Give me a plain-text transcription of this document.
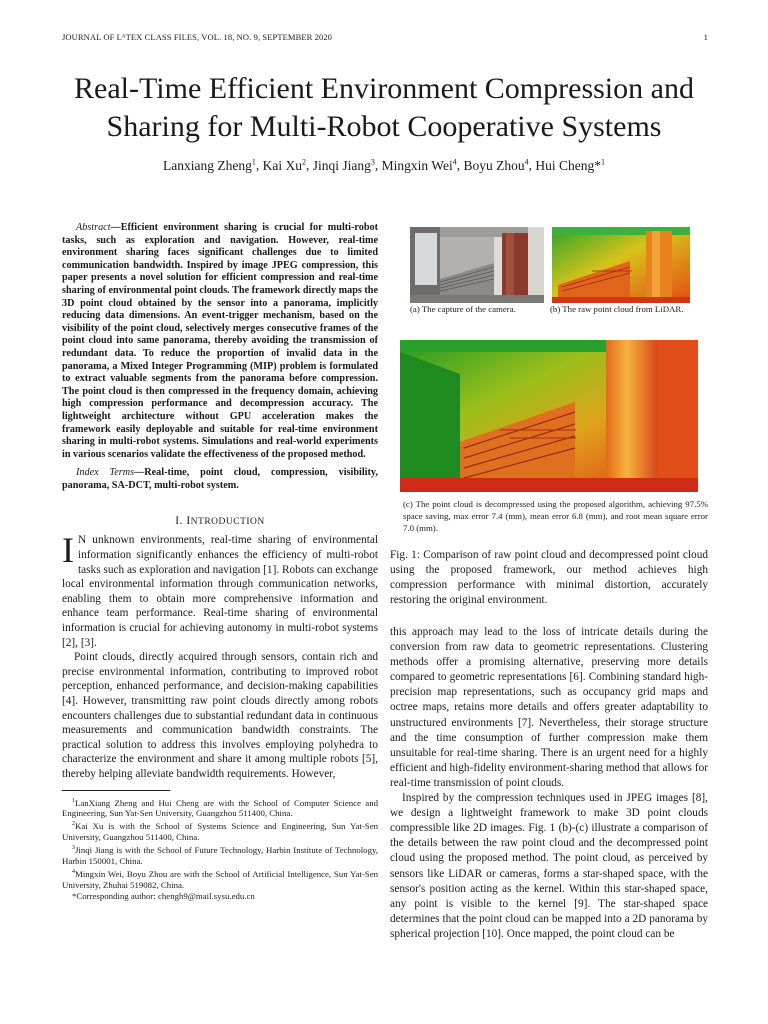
JOURNAL OF LᴬTEX CLASS FILES, VOL. 18, NO. 9, SEPTEMBER 2020	1
Real-Time Efficient Environment Compression and
Sharing for Multi-Robot Cooperative Systems
Lanxiang Zheng$^1$, Kai Xu$^2$, Jinqi Jiang$^3$, Mingxin Wei$^4$, Boyu Zhou$^4$, Hui Cheng*$^1$

Abstract—Efficient environment sharing is crucial for multi-robot tasks, such as exploration and navigation. However, real-time environment sharing faces significant challenges due to limited communication bandwidth. Inspired by image JPEG compression, this paper presents a novel solution for efficient compression and real-time sharing of environmental point clouds. The framework directly maps the 3D point cloud obtained by the sensor into a panorama, implicitly reducing data dimensions. An event-trigger mechanism, based on the visibility of the point cloud, selectively merges consecutive frames of the point cloud into same panorama, thereby avoiding the transmission of redundant data. To reduce the proportion of invalid data in the panorama, a Mixed Integer Programming (MIP) problem is formulated to extract valuable segments from the panorama before compression. The point cloud is then compressed in the frequency domain, achieving high compression performance and decompression accuracy. The lightweight architecture without GPU acceleration makes the framework easily deployable and suitable for real-time environment sharing in multi-robot systems. Simulations and real-world experiments in various scenarios validate the effectiveness of the proposed method.

Index Terms—Real-time, point cloud, compression, visibility, panorama, SA-DCT, multi-robot system.

I. INTRODUCTION

I N unknown environments, real-time sharing of environmental information significantly enhances the efficiency of multi-robot tasks such as exploration and navigation [1]. Robots can exchange local environmental information through communication networks, enabling them to obtain more comprehensive information and enhance team performance. Real-time sharing of environmental information is crucial for achieving autonomy in multi-robot systems [2], [3].

Point clouds, directly acquired through sensors, contain rich and precise environmental information, contributing to improved robot perception, enhanced performance, and decision-making capabilities [4]. However, transmitting raw point clouds directly among robots encounters challenges due to substantial redundant data in continuous measurements and communication bandwidth constraints. The practical solution to address this involves employing polyhedra to characterize the environment and share it among multiple robots [5], thereby helping alleviate bandwidth requirements. However,

$^1$LanXiang Zheng and Hui Cheng are with the School of Computer Science and Engineering, Sun Yat-Sen University, Guangzhou 511400, China.

$^2$Kai Xu is with the School of Systems Science and Engineering, Sun Yat-Sen University, Guangzhou 511400, China.

$^3$Jinqi Jiang is with the School of Future Technology, Harbin Institute of Technology, Harbin 150001, China.

$^4$Mingxin Wei, Boyu Zhou are with the School of Artificial Intelligence, Sun Yat-Sen University, Zhuhai 519082, China.

*Corresponding author: chengh9@mail.sysu.edu.cn

(a) The capture of the camera.	(b) The raw point cloud from LiDAR.
(c) The point cloud is decompressed using the proposed algorithm, achieving 97.5% space saving, max error 7.4 (mm), mean error 6.8 (mm), and root mean square error 7.0 (mm).

Fig. 1: Comparison of raw point cloud and decompressed point cloud using the proposed framework, our method achieves high compression performance with minimal distortion, accurately restoring the original environment.

this approach may lead to the loss of intricate details during the conversion from raw data to geometric representations. Clustering methods offer a promising alternative, preserving more details compared to geometric representations [6]. Combining standard high-precision map representations, such as occupancy grid maps and octree maps, retains more details and offers greater adaptability to unstructured environments [7]. Nevertheless, their storage structure and the time consumption of further compression make them unsuitable for real-time sharing. There is an urgent need for a highly efficient and high-fidelity environment-sharing method that allows for real-time transmission of point clouds.

Inspired by the compression techniques used in JPEG images [8], we design a lightweight framework to make 3D point clouds compressible like 2D images. Fig. 1 (b)-(c) illustrate a comparison of the details between the raw point cloud and the decompressed point cloud using the proposed method. The point cloud, as perceived by sensors like LiDAR or cameras, forms a star-shaped space, with the sensor's position acting as the kernel. Within this star-shaped space, any point is visible to the kernel [9]. The star-shaped space determines that the point cloud can be mapped into a 2D panorama by spherical projection [10]. Once mapped, the point cloud can be
